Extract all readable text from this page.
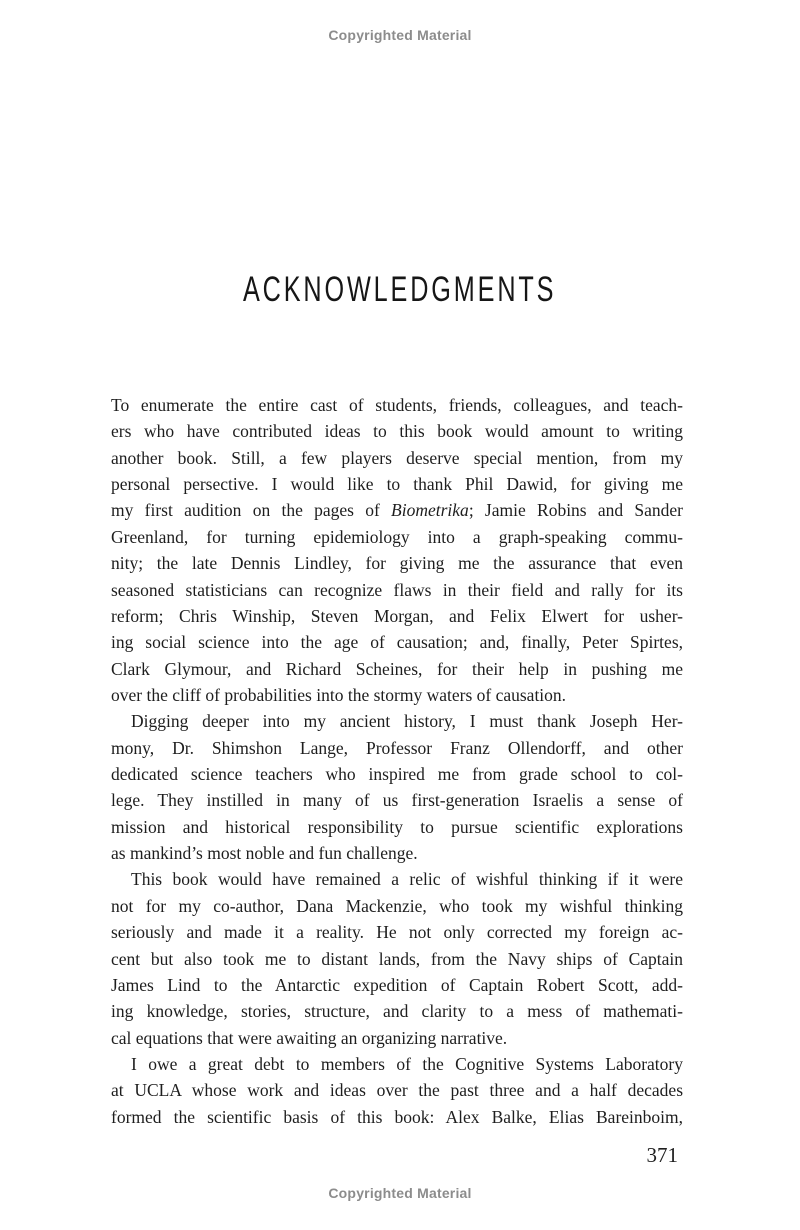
Copyrighted Material
ACKNOWLEDGMENTS
To enumerate the entire cast of students, friends, colleagues, and teach-
ers who have contributed ideas to this book would amount to writing
another book. Still, a few players deserve special mention, from my
personal persective. I would like to thank Phil Dawid, for giving me
my first audition on the pages of Biometrika; Jamie Robins and Sander
Greenland, for turning epidemiology into a graph-speaking commu-
nity; the late Dennis Lindley, for giving me the assurance that even
seasoned statisticians can recognize flaws in their field and rally for its
reform; Chris Winship, Steven Morgan, and Felix Elwert for usher-
ing social science into the age of causation; and, finally, Peter Spirtes,
Clark Glymour, and Richard Scheines, for their help in pushing me
over the cliff of probabilities into the stormy waters of causation.
Digging deeper into my ancient history, I must thank Joseph Her-
mony, Dr. Shimshon Lange, Professor Franz Ollendorff, and other
dedicated science teachers who inspired me from grade school to col-
lege. They instilled in many of us first-generation Israelis a sense of
mission and historical responsibility to pursue scientific explorations
as mankind’s most noble and fun challenge.
This book would have remained a relic of wishful thinking if it were
not for my co-author, Dana Mackenzie, who took my wishful thinking
seriously and made it a reality. He not only corrected my foreign ac-
cent but also took me to distant lands, from the Navy ships of Captain
James Lind to the Antarctic expedition of Captain Robert Scott, add-
ing knowledge, stories, structure, and clarity to a mess of mathemati-
cal equations that were awaiting an organizing narrative.
I owe a great debt to members of the Cognitive Systems Laboratory
at UCLA whose work and ideas over the past three and a half decades
formed the scientific basis of this book: Alex Balke, Elias Bareinboim,
371
Copyrighted Material
